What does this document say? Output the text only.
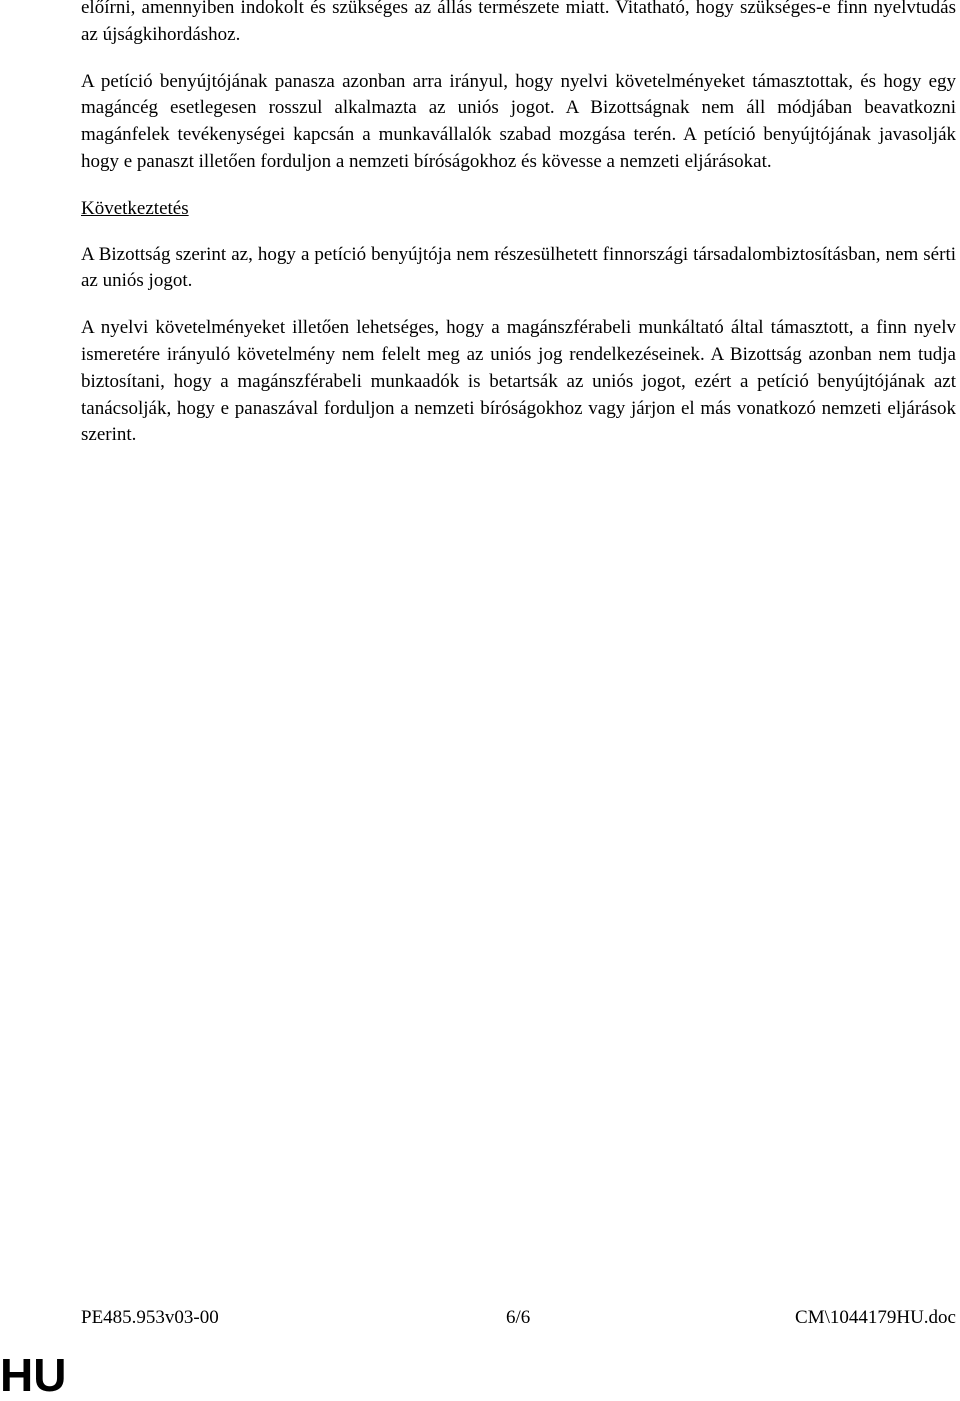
előírni, amennyiben indokolt és szükséges az állás természete miatt. Vitatható, hogy szükséges-e finn nyelvtudás az újságkihordáshoz.

A petíció benyújtójának panasza azonban arra irányul, hogy nyelvi követelményeket támasztottak, és hogy egy magáncég esetlegesen rosszul alkalmazta az uniós jogot. A Bizottságnak nem áll módjában beavatkozni magánfelek tevékenységei kapcsán a munkavállalók szabad mozgása terén. A petíció benyújtójának javasolják hogy e panaszt illetően forduljon a nemzeti bíróságokhoz és kövesse a nemzeti eljárásokat.

Következtetés

A Bizottság szerint az, hogy a petíció benyújtója nem részesülhetett finnországi társadalombiztosításban, nem sérti az uniós jogot.

A nyelvi követelményeket illetően lehetséges, hogy a magánszférabeli munkáltató által támasztott, a finn nyelv ismeretére irányuló követelmény nem felelt meg az uniós jog rendelkezéseinek. A Bizottság azonban nem tudja biztosítani, hogy a magánszférabeli munkaadók is betartsák az uniós jogot, ezért a petíció benyújtójának azt tanácsolják, hogy e panaszával forduljon a nemzeti bíróságokhoz vagy járjon el más vonatkozó nemzeti eljárások szerint.

PE485.953v03-00	6/6	CM\1044179HU.doc
HU
